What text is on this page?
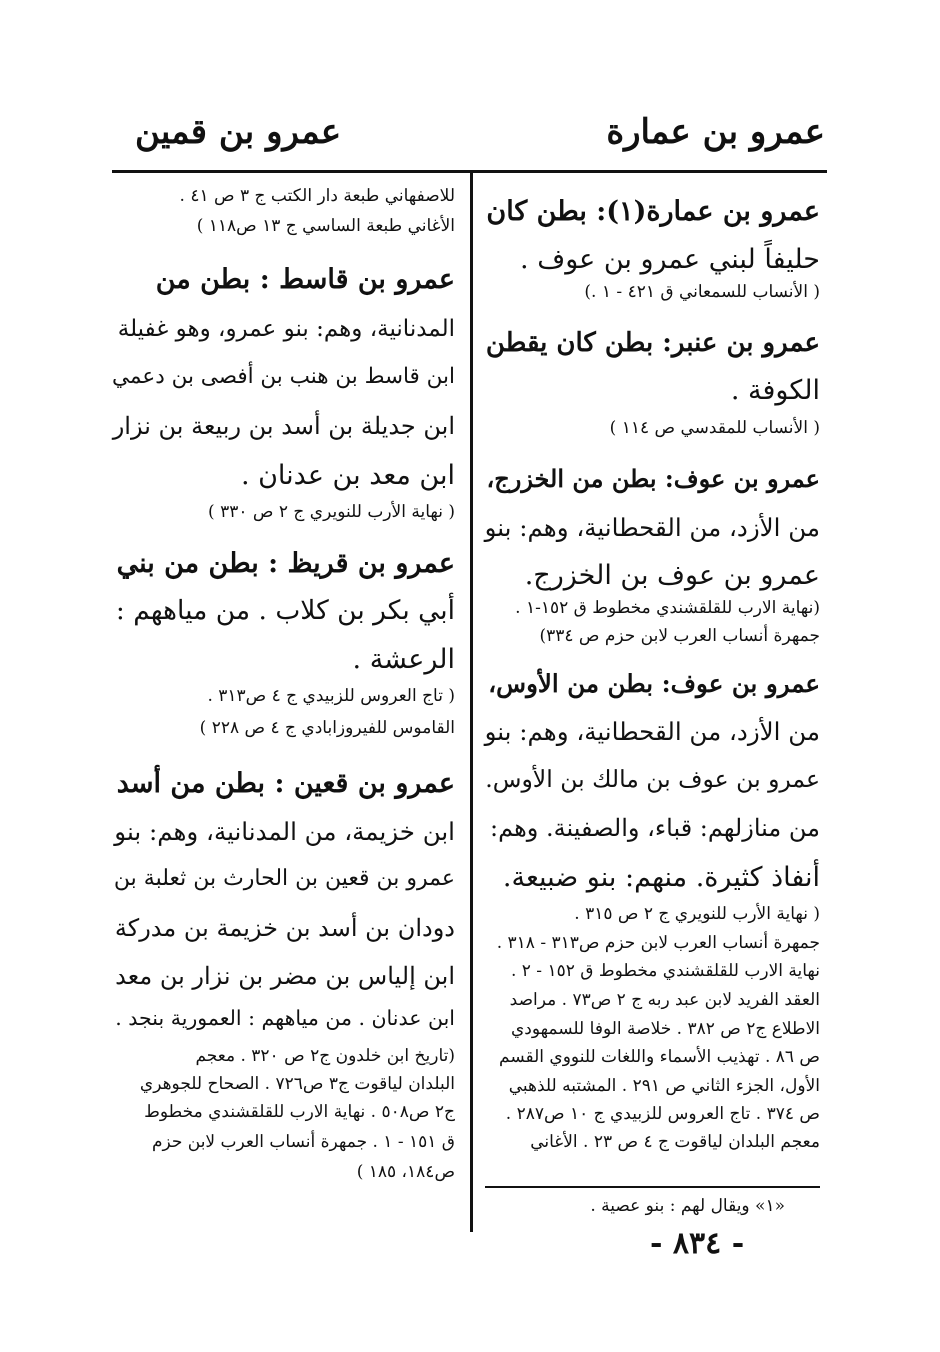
عمرو بن عمارة
عمرو بن قمين
عمرو بن عمارة(١): بطن كان
حليفاً لبني عمرو بن عوف .
( الأنساب للسمعاني ق ٤٢١ - ١ .)
عمرو بن عنبر: بطن كان يقطن
الكوفة .
( الأنساب للمقدسي ص ١١٤ )
عمرو بن عوف: بطن من الخزرج،
من الأزد، من القحطانية، وهم: بنو
عمرو بن عوف بن الخزرج.
(نهاية الارب للقلقشندي مخطوط ق ١٥٢-١ .
جمهرة أنساب العرب لابن حزم ص ٣٣٤)
عمرو بن عوف: بطن من الأوس،
من الأزد، من القحطانية، وهم: بنو
عمرو بن عوف بن مالك بن الأوس.
من منازلهم: قباء، والصفينة. وهم:
أنفاذ كثيرة. منهم: بنو ضبيعة.
( نهاية الأرب للنويري ج ٢ ص ٣١٥ .
جمهرة أنساب العرب لابن حزم ص٣١٣ - ٣١٨ .
نهاية الارب للقلقشندي مخطوط ق ١٥٢ - ٢ .
العقد الفريد لابن عبد ربه ج ٢ ص٧٣ . مراصد
الاطلاع ج٢ ص ٣٨٢ . خلاصة الوفا للسمهودي
ص ٨٦ . تهذيب الأسماء واللغات للنووي القسم
الأول، الجزء الثاني ص ٢٩١ . المشتبه للذهبي
ص ٣٧٤ . تاج العروس للزبيدي ج ١٠ ص٢٨٧ .
معجم البلدان لياقوت ج ٤ ص ٢٣ . الأغاني
للاصفهاني طبعة دار الكتب ج ٣ ص ٤١ .
الأغاني طبعة الساسي ج ١٣ ص١١٨ )
عمرو بن قاسط : بطن من
المدنانية، وهم: بنو عمرو، وهو غفيلة
ابن قاسط بن هنب بن أفصى بن دعمي
ابن جديلة بن أسد بن ربيعة بن نزار
ابن معد بن عدنان .
( نهاية الأرب للنويري ج ٢ ص ٣٣٠ )
عمرو بن قريظ : بطن من بني
أبي بكر بن كلاب . من مياههم :
الرعشة .
( تاج العروس للزبيدي ج ٤ ص٣١٣ .
القاموس للفيروزابادي ج ٤ ص ٢٢٨ )
عمرو بن قعين : بطن من أسد
ابن خزيمة، من المدنانية، وهم: بنو
عمرو بن قعين بن الحارث بن ثعلبة بن
دودان بن أسد بن خزيمة بن مدركة
ابن إلياس بن مضر بن نزار بن معد
ابن عدنان . من مياههم : العمورية بنجد .
(تاريخ ابن خلدون ج٢ ص ٣٢٠ . معجم
البلدان لياقوت ج٣ ص٧٢٦ . الصحاح للجوهري
ج٢ ص٥٠٨ . نهاية الارب للقلقشندي مخطوط
ق ١٥١ - ١ . جمهرة أنساب العرب لابن حزم
ص١٨٤، ١٨٥ )
«١» ويقال لهم : بنو عصية .
- ٨٣٤ -
